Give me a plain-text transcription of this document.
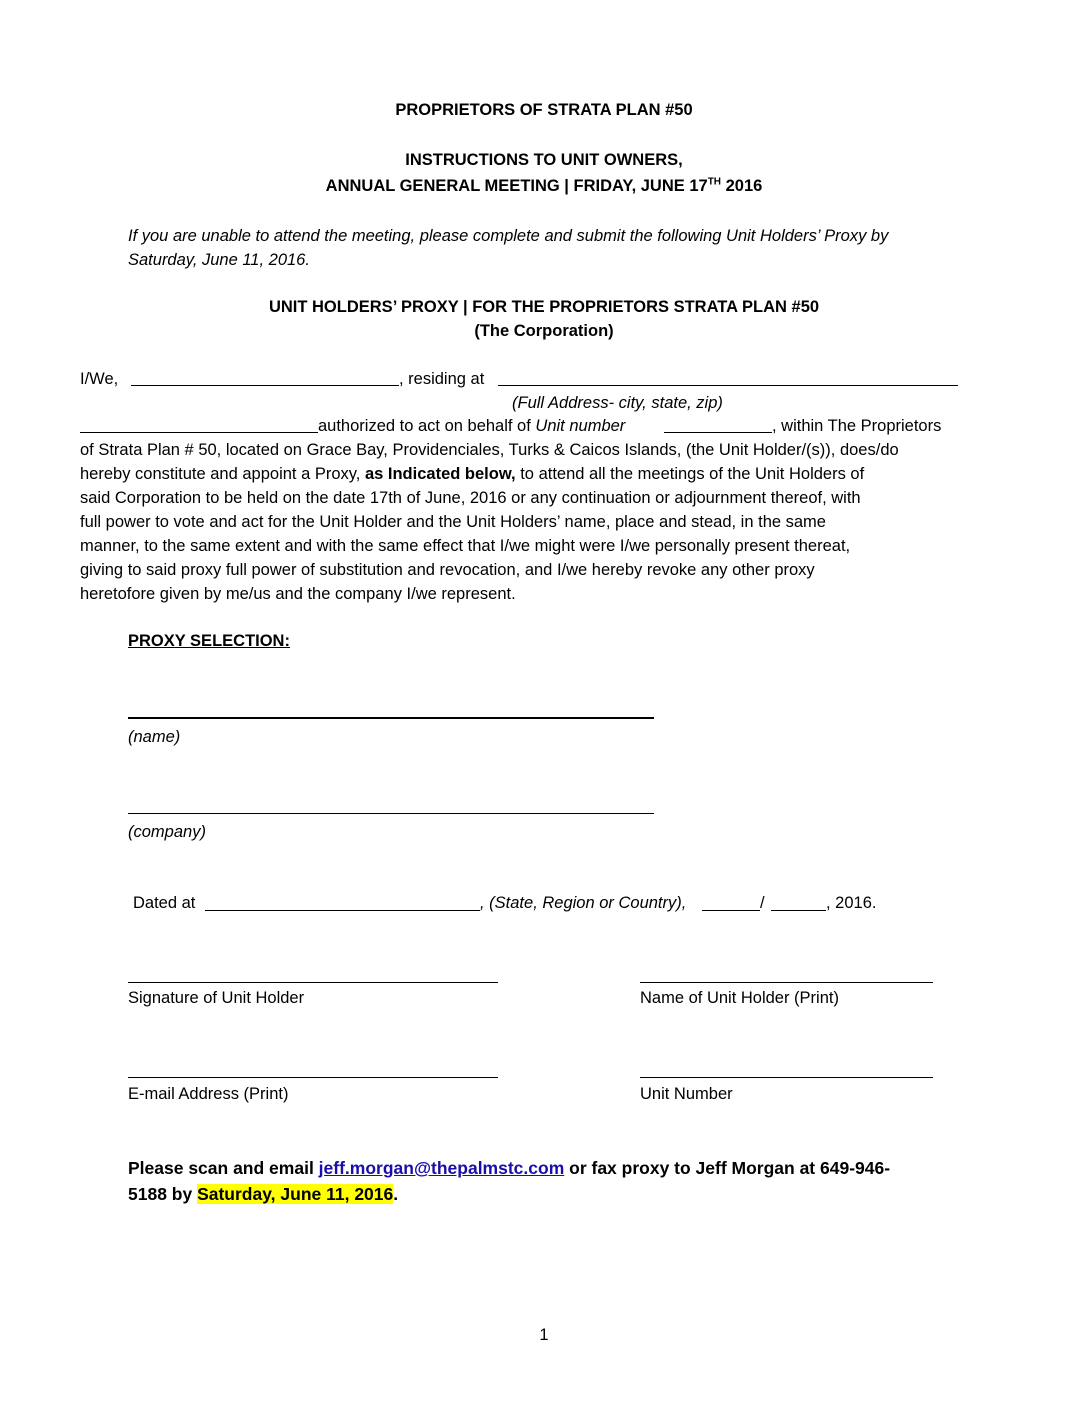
PROPRIETORS OF STRATA PLAN #50
INSTRUCTIONS TO UNIT OWNERS,
ANNUAL GENERAL MEETING | FRIDAY, JUNE 17TH 2016
If you are unable to attend the meeting, please complete and submit the following Unit Holders’ Proxy by
Saturday, June 11, 2016.
UNIT HOLDERS’ PROXY | FOR THE PROPRIETORS STRATA PLAN #50
(The Corporation)
I/We,	, residing at
(Full Address- city, state, zip)
authorized to act on behalf of Unit number	, within The Proprietors
of Strata Plan # 50, located on Grace Bay, Providenciales, Turks & Caicos Islands, (the Unit Holder/(s)), does/do
hereby constitute and appoint a Proxy, as Indicated below, to attend all the meetings of the Unit Holders of
said Corporation to be held on the date 17th of June, 2016 or any continuation or adjournment thereof, with
full power to vote and act for the Unit Holder and the Unit Holders’ name, place and stead, in the same
manner, to the same extent and with the same effect that I/we might were I/we personally present thereat,
giving to said proxy full power of substitution and revocation, and I/we hereby revoke any other proxy
heretofore given by me/us and the company I/we represent.
PROXY SELECTION:
(name)
(company)
Dated at	, (State, Region or Country),	/	, 2016.
Signature of Unit Holder	Name of Unit Holder (Print)
E-mail Address (Print)	Unit Number
Please scan and email jeff.morgan@thepalmstc.com or fax proxy to Jeff Morgan at 649-946-
5188 by Saturday, June 11, 2016.
1
